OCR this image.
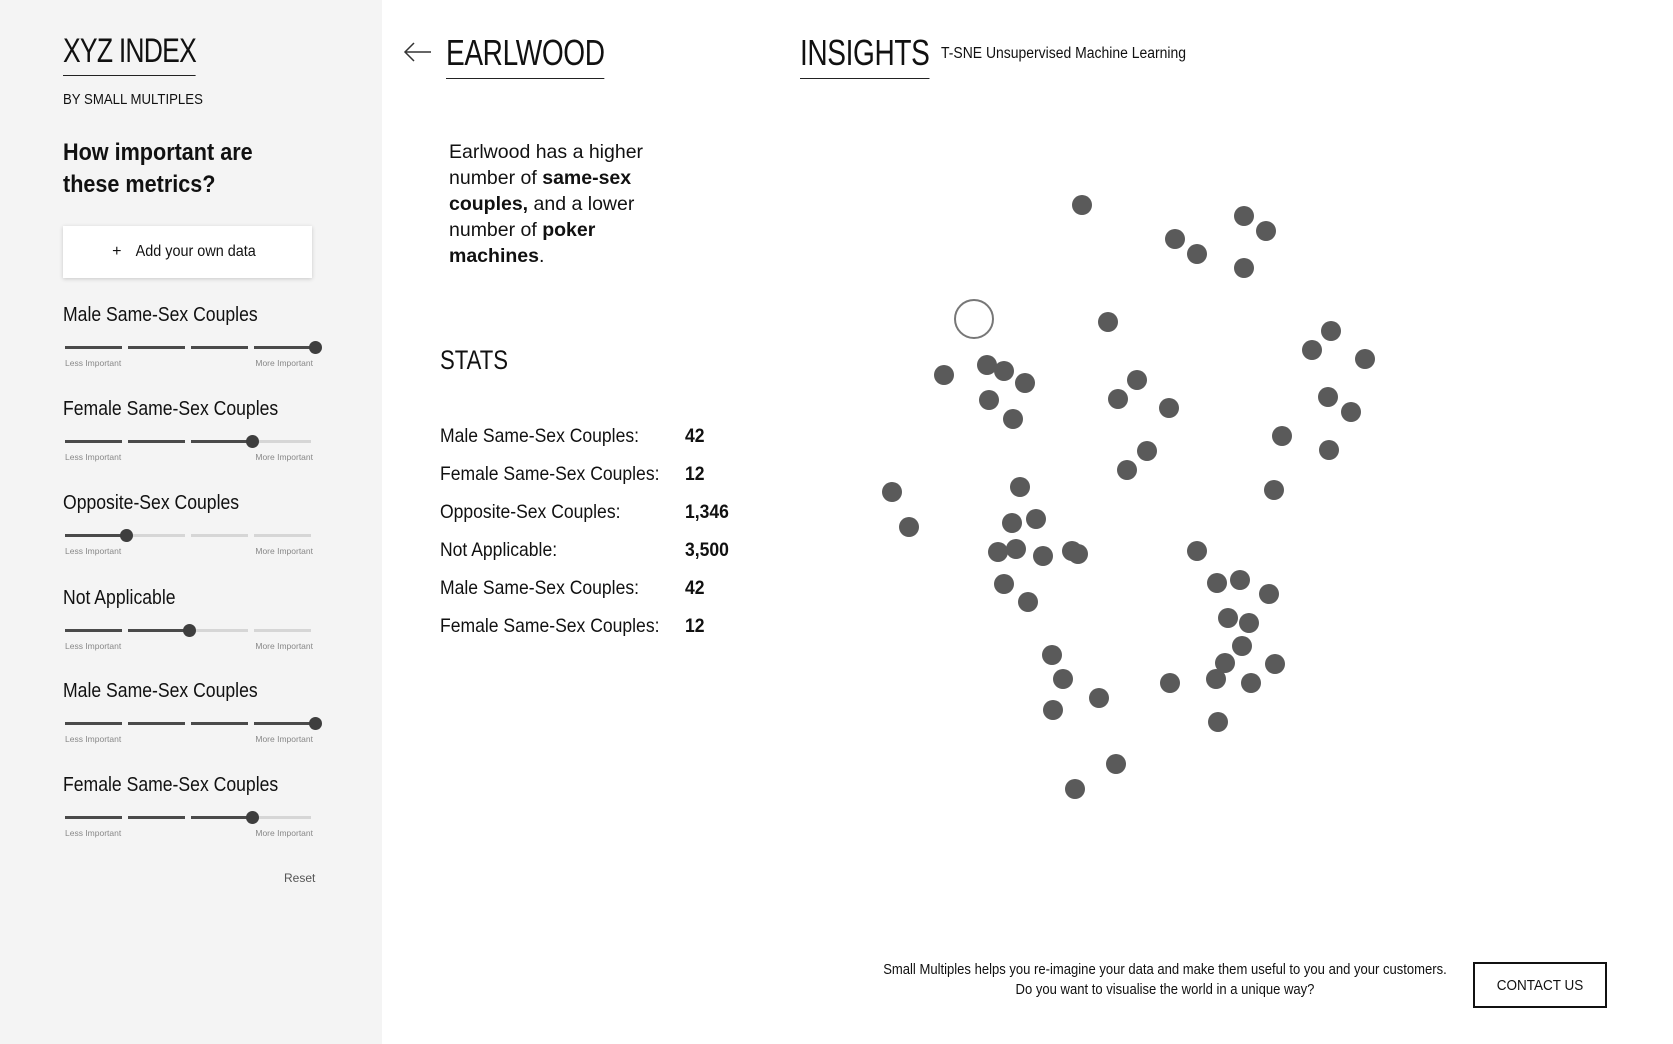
XYZ INDEX
BY SMALL MULTIPLES
How important are these metrics?
+ Add your own data
Male Same-Sex Couples
Less Important	More Important
Female Same-Sex Couples
Less Important	More Important
Opposite-Sex Couples
Less Important	More Important
Not Applicable
Less Important	More Important
Male Same-Sex Couples
Less Important	More Important
Female Same-Sex Couples
Less Important	More Important
Reset
EARLWOOD
Earlwood has a higher number of same-sex couples, and a lower number of poker machines.
STATS
Male Same-Sex Couples: 42
Female Same-Sex Couples: 12
Opposite-Sex Couples:	1,346
Not Applicable:	3,500
Male Same-Sex Couples: 42
Female Same-Sex Couples: 12
INSIGHTS T-SNE Unsupervised Machine Learning
Small Multiples helps you re-imagine your data and make them useful to you and your customers.
Do you want to visualise the world in a unique way?	CONTACT US
